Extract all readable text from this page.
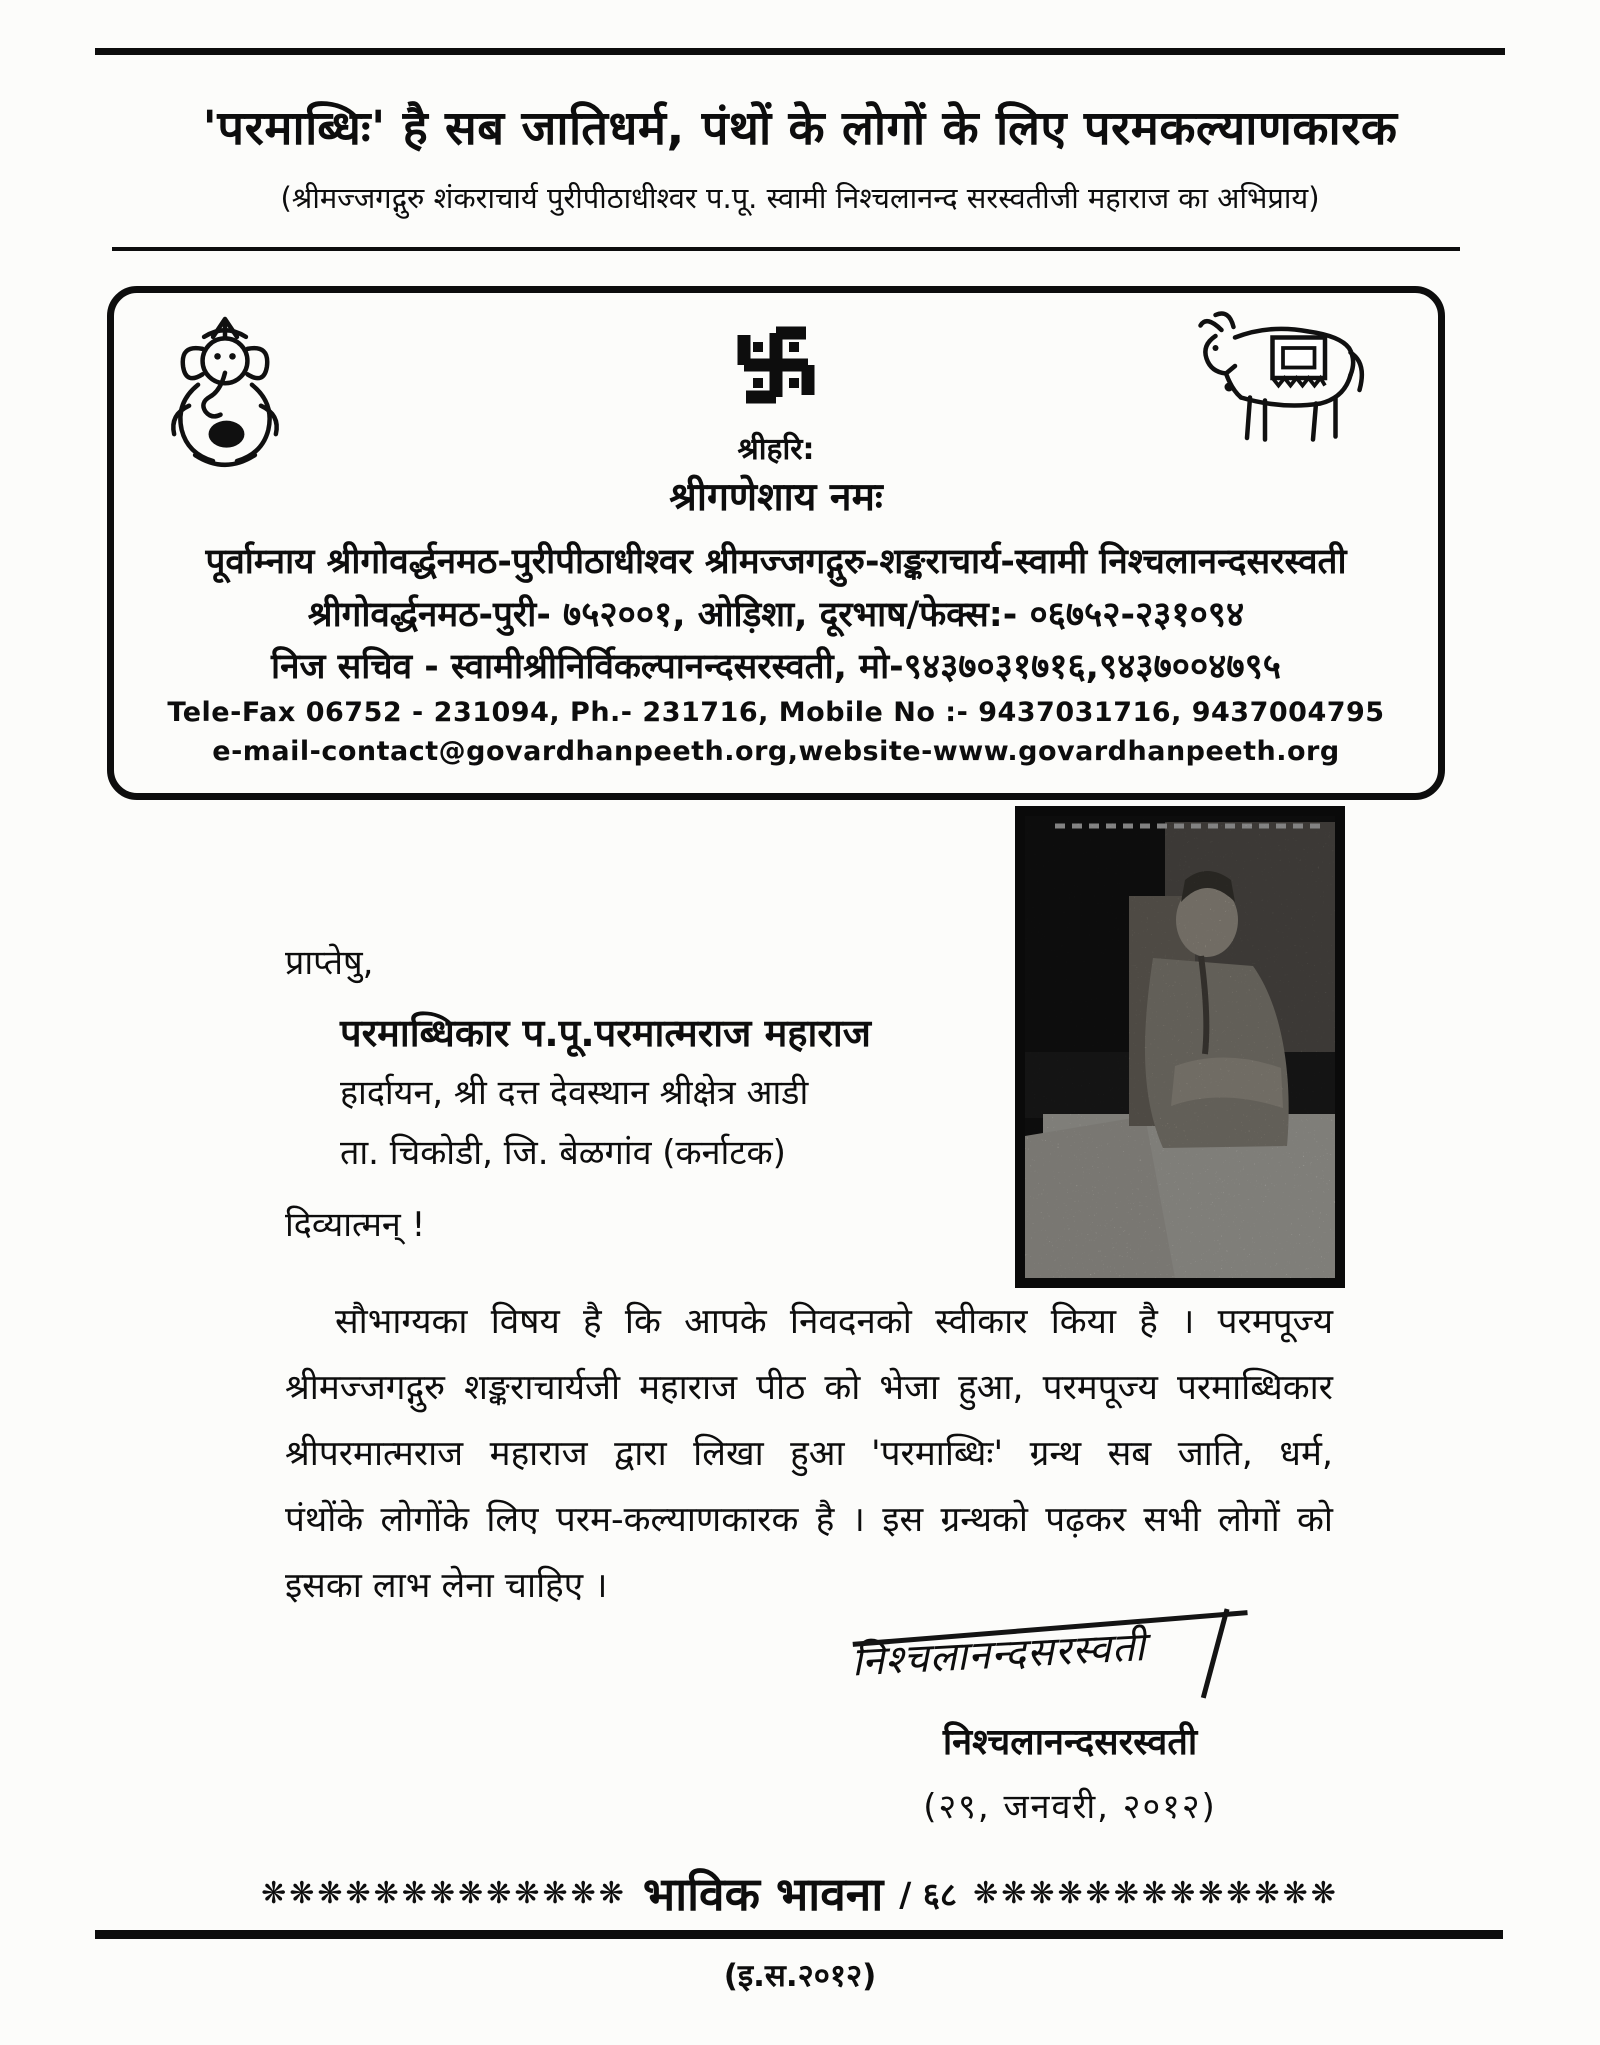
'परमाब्धिः' है सब जातिधर्म, पंथों के लोगों के लिए परमकल्याणकारक
(श्रीमज्जगद्गुरु शंकराचार्य पुरीपीठाधीश्वर प.पू. स्वामी निश्चलानन्द सरस्वतीजी महाराज का अभिप्राय)
श्रीहरि:
श्रीगणेशाय नमः
पूर्वाम्नाय श्रीगोवर्द्धनमठ-पुरीपीठाधीश्वर श्रीमज्जगद्गुरु-शङ्कराचार्य-स्वामी निश्चलानन्दसरस्वती
श्रीगोवर्द्धनमठ-पुरी- ७५२००१, ओड़िशा, दूरभाष/फेक्स:- ०६७५२-२३१०९४
निज सचिव - स्वामीश्रीनिर्विकल्पानन्दसरस्वती, मो-९४३७०३१७१६,९४३७००४७९५
Tele-Fax 06752 - 231094, Ph.- 231716, Mobile No :- 9437031716, 9437004795
e-mail-contact@govardhanpeeth.org,website-www.govardhanpeeth.org
प्राप्तेषु,
परमाब्धिकार प.पू.परमात्मराज महाराज
हार्दायन, श्री दत्त देवस्थान श्रीक्षेत्र आडी
ता. चिकोडी, जि. बेळगांव (कर्नाटक)
दिव्यात्मन् !
सौभाग्यका विषय है कि आपके निवदनको स्वीकार किया है । परमपूज्य
श्रीमज्जगद्गुरु शङ्कराचार्यजी महाराज पीठ को भेजा हुआ, परमपूज्य परमाब्धिकार
श्रीपरमात्मराज महाराज द्वारा लिखा हुआ 'परमाब्धिः' ग्रन्थ सब जाति, धर्म,
पंथोंके लोगोंके लिए परम-कल्याणकारक है । इस ग्रन्थको पढ़कर सभी लोगों को
इसका लाभ लेना चाहिए ।
निश्चलानन्दसरस्वती
निश्चलानन्दसरस्वती
(२९, जनवरी, २०१२)
❋❋❋❋❋❋❋❋❋❋❋❋❋ भाविक भावना / ६८ ❋❋❋❋❋❋❋❋❋❋❋❋❋
(इ.स.२०१२)
